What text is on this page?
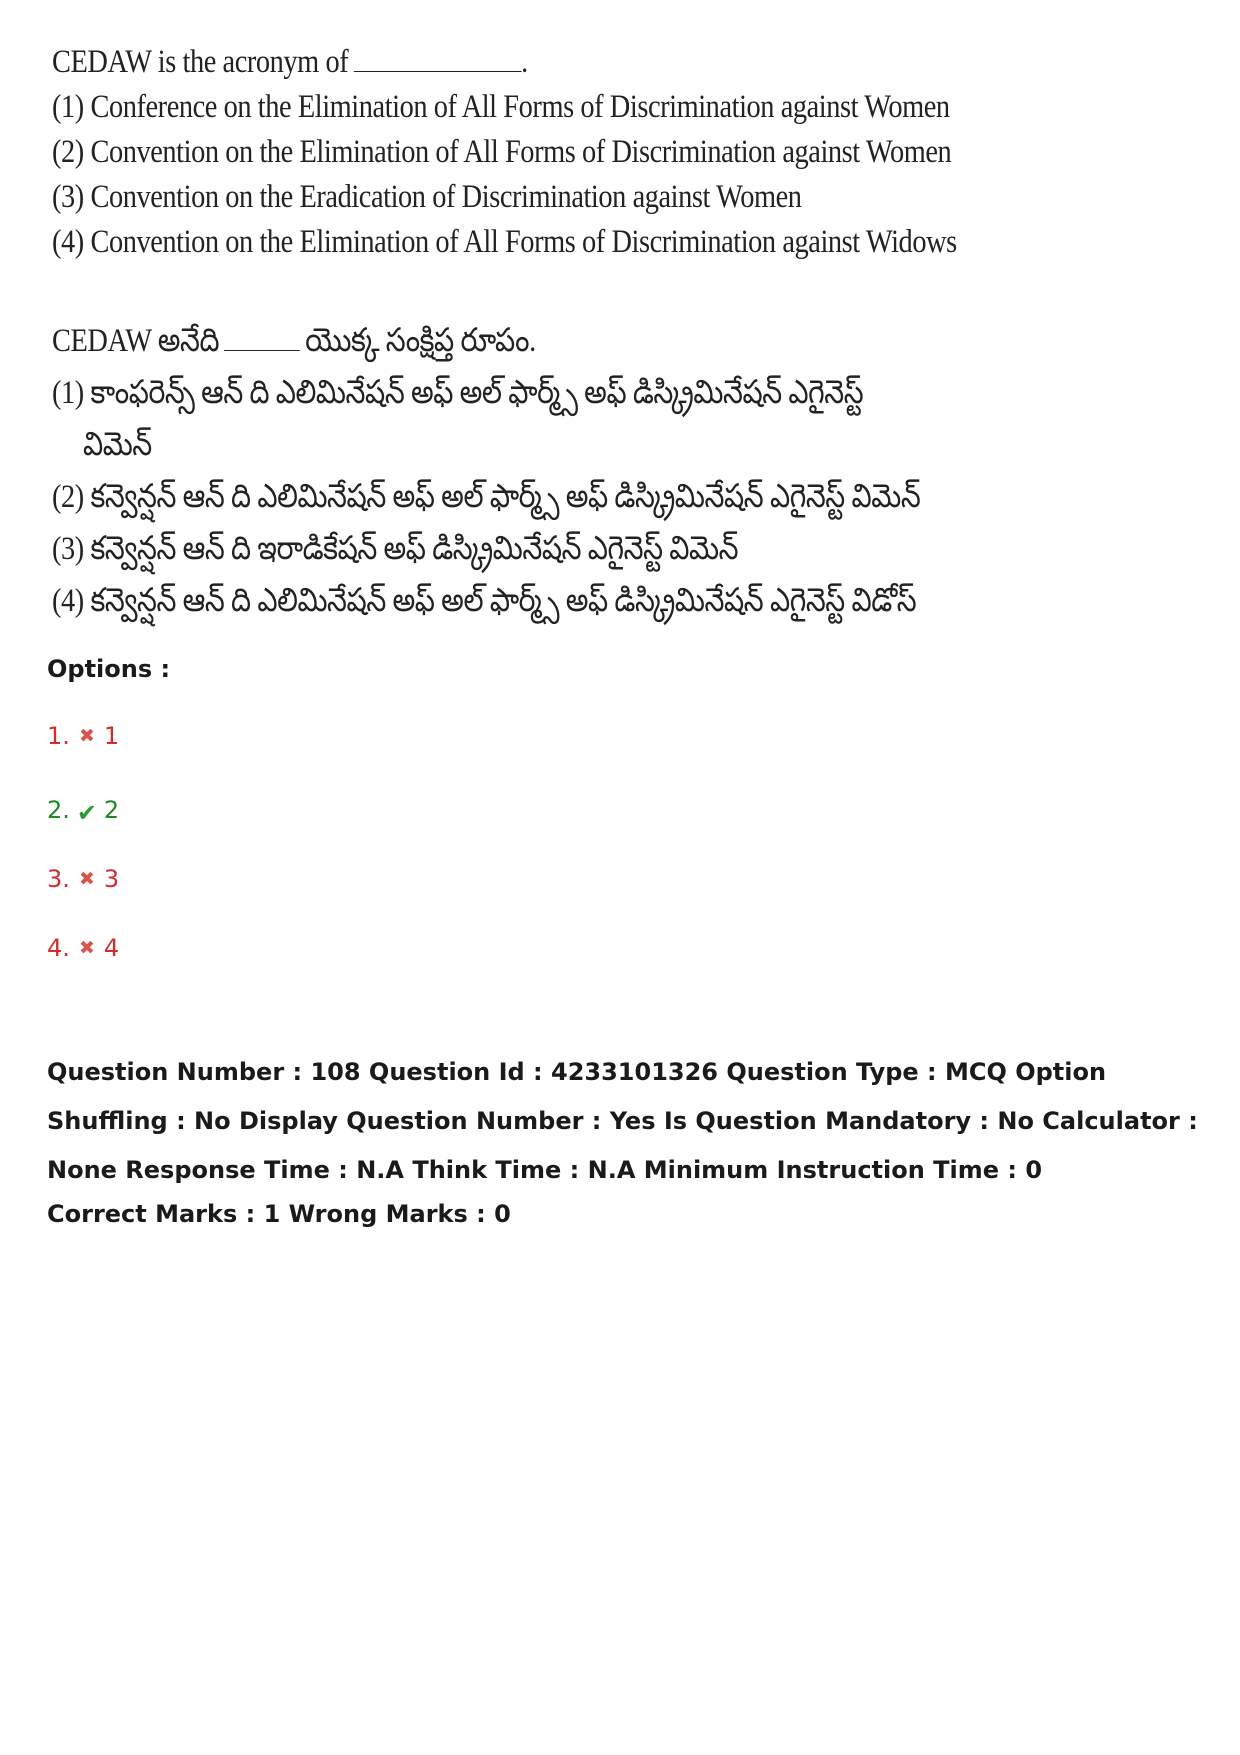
CEDAW is the acronym of	.
(1) Conference on the Elimination of All Forms of Discrimination against Women
(2) Convention on the Elimination of All Forms of Discrimination against Women
(3) Convention on the Eradication of Discrimination against Women
(4) Convention on the Elimination of All Forms of Discrimination against Widows
CEDAW అనేది	యొక్క సంక్షిప్త రూపం.
(1) కాంఫరెన్స్ ఆన్ ది ఎలిమినేషన్ అఫ్ అల్ ఫార్మ్స్ అఫ్ డిస్క్రిమినేషన్ ఎగైనెస్ట్
విమెన్
(2) కన్వెన్షన్ ఆన్ ది ఎలిమినేషన్ అఫ్ అల్ ఫార్మ్స్ అఫ్ డిస్క్రిమినేషన్ ఎగైనెస్ట్ విమెన్
(3) కన్వెన్షన్ ఆన్ ది ఇరాడికేషన్ అఫ్ డిస్క్రిమినేషన్ ఎగైనెస్ట్ విమెన్
(4) కన్వెన్షన్ ఆన్ ది ఎలిమినేషన్ అఫ్ అల్ ఫార్మ్స్ అఫ్ డిస్క్రిమినేషన్ ఎగైనెస్ట్ విడోస్
Options :
1. ✖ 1
2. ✔ 2
3. ✖ 3
4. ✖ 4
Question Number : 108 Question Id : 4233101326 Question Type : MCQ Option Shuffling : No Display Question Number : Yes Is Question Mandatory : No Calculator : None Response Time : N.A Think Time : N.A Minimum Instruction Time : 0
Correct Marks : 1 Wrong Marks : 0
